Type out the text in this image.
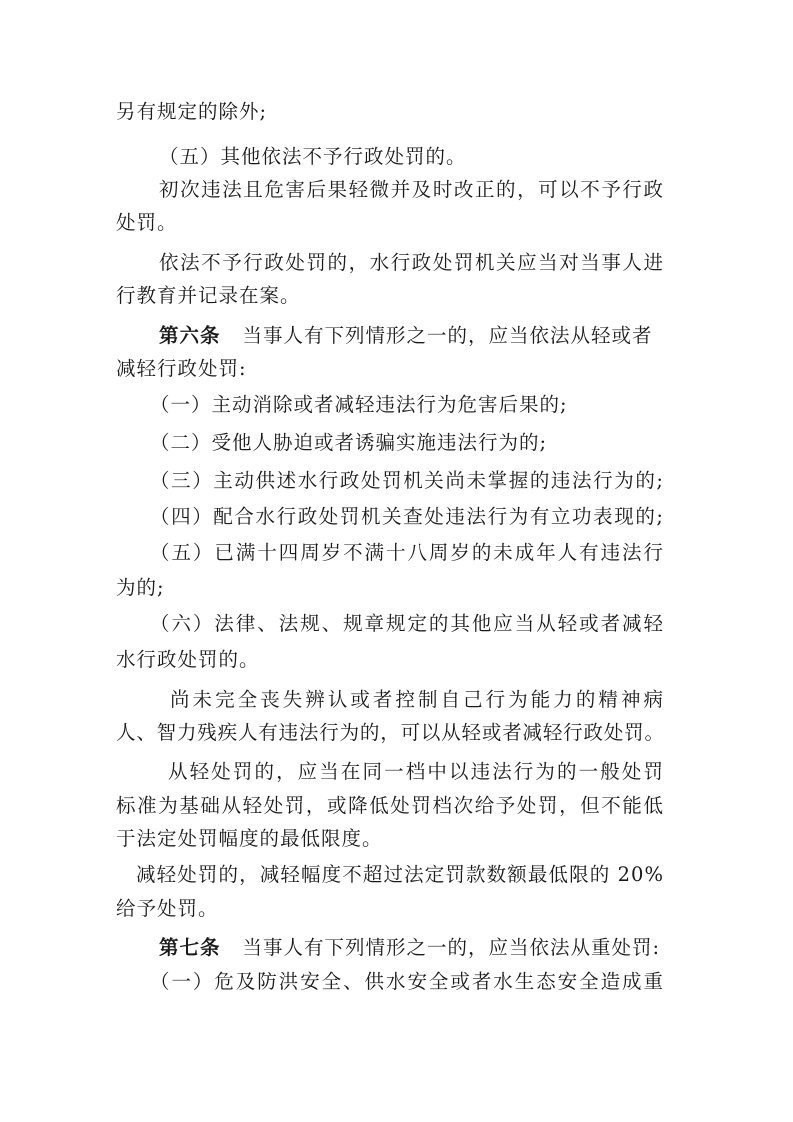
另有规定的除外;
（五）其他依法不予行政处罚的。
初次违法且危害后果轻微并及时改正的，可以不予行政
处罚。
依法不予行政处罚的，水行政处罚机关应当对当事人进
行教育并记录在案。
第六条 当事人有下列情形之一的，应当依法从轻或者
减轻行政处罚:
（一）主动消除或者减轻违法行为危害后果的;
（二）受他人胁迫或者诱骗实施违法行为的;
（三）主动供述水行政处罚机关尚未掌握的违法行为的;
（四）配合水行政处罚机关查处违法行为有立功表现的;
（五）已满十四周岁不满十八周岁的未成年人有违法行
为的;
（六）法律、法规、规章规定的其他应当从轻或者减轻
水行政处罚的。
尚未完全丧失辨认或者控制自己行为能力的精神病
人、智力残疾人有违法行为的，可以从轻或者减轻行政处罚。
从轻处罚的，应当在同一档中以违法行为的一般处罚
标准为基础从轻处罚，或降低处罚档次给予处罚，但不能低
于法定处罚幅度的最低限度。
减轻处罚的，减轻幅度不超过法定罚款数额最低限的 20%
给予处罚。
第七条 当事人有下列情形之一的，应当依法从重处罚:
（一）危及防洪安全、供水安全或者水生态安全造成重
